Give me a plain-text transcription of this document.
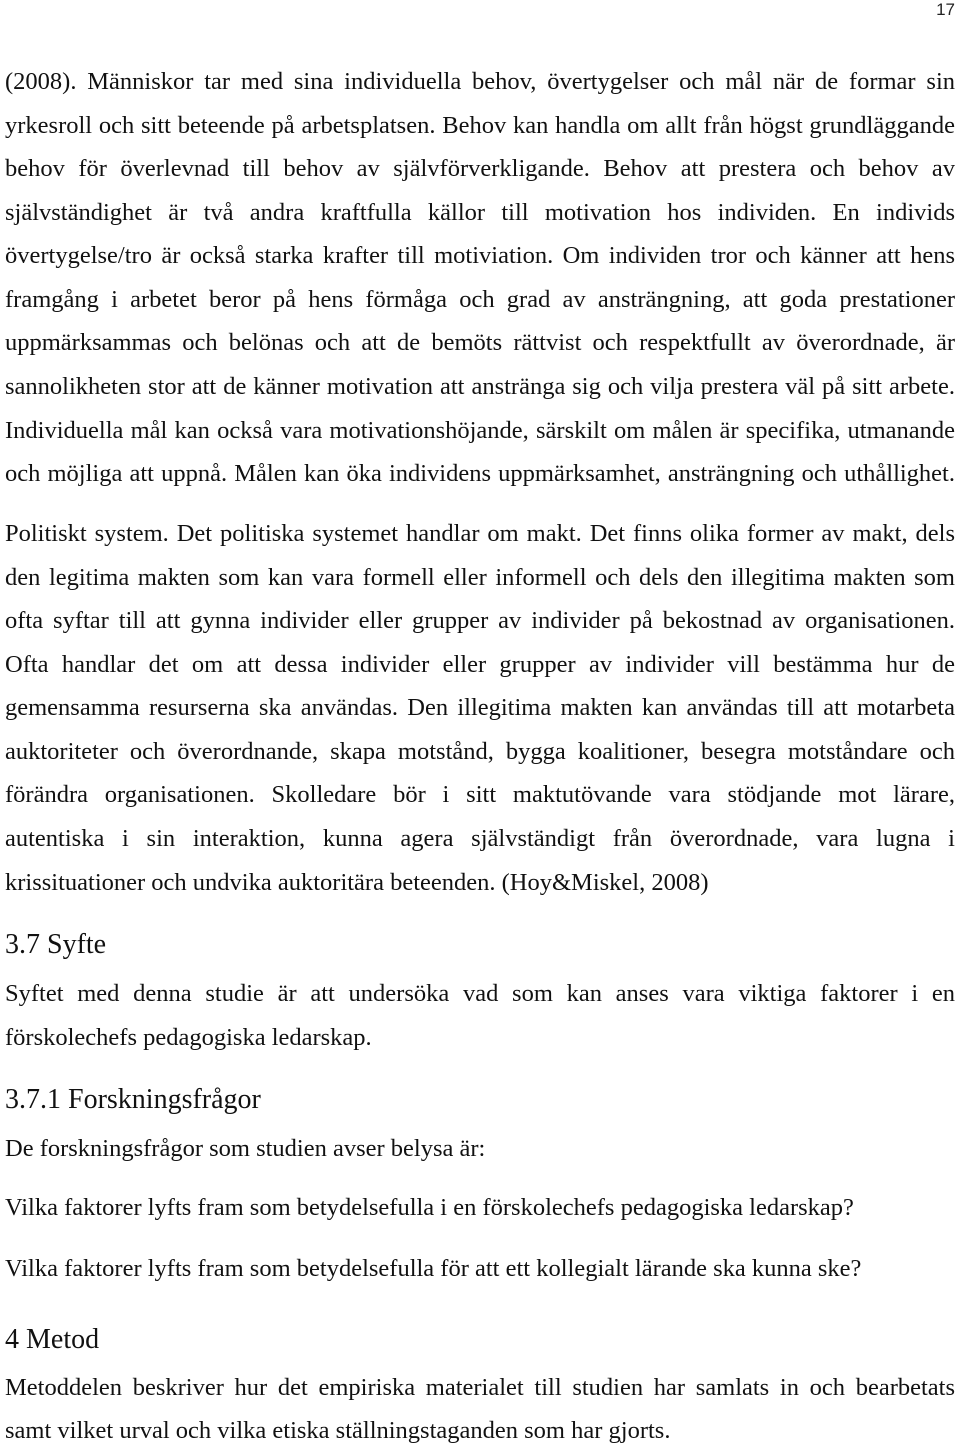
17
(2008). Människor tar med sina individuella behov, övertygelser och mål när de formar sin
yrkesroll och sitt beteende på arbetsplatsen. Behov kan handla om allt från högst grundläggande
behov för överlevnad till behov av självförverkligande. Behov att prestera och behov av
självständighet är två andra kraftfulla källor till motivation hos individen. En individs
övertygelse/tro är också starka krafter till motiviation. Om individen tror och känner att hens
framgång i arbetet beror på hens förmåga och grad av ansträngning, att goda prestationer
uppmärksammas och belönas och att de bemöts rättvist och respektfullt av överordnade, är
sannolikheten stor att de känner motivation att anstränga sig och vilja prestera väl på sitt arbete.
Individuella mål kan också vara motivationshöjande, särskilt om målen är specifika, utmanande
och möjliga att uppnå. Målen kan öka individens uppmärksamhet, ansträngning och uthållighet.
Politiskt system. Det politiska systemet handlar om makt. Det finns olika former av makt, dels
den legitima makten som kan vara formell eller informell och dels den illegitima makten som
ofta syftar till att gynna individer eller grupper av individer på bekostnad av organisationen.
Ofta handlar det om att dessa individer eller grupper av individer vill bestämma hur de
gemensamma resurserna ska användas. Den illegitima makten kan användas till att motarbeta
auktoriteter och överordnande, skapa motstånd, bygga koalitioner, besegra motståndare och
förändra organisationen. Skolledare bör i sitt maktutövande vara stödjande mot lärare,
autentiska i sin interaktion, kunna agera självständigt från överordnade, vara lugna i
krissituationer och undvika auktoritära beteenden. (Hoy&Miskel, 2008)
3.7 Syfte
Syftet med denna studie är att undersöka vad som kan anses vara viktiga faktorer i en
förskolechefs pedagogiska ledarskap.
3.7.1 Forskningsfrågor
De forskningsfrågor som studien avser belysa är:
Vilka faktorer lyfts fram som betydelsefulla i en förskolechefs pedagogiska ledarskap?
Vilka faktorer lyfts fram som betydelsefulla för att ett kollegialt lärande ska kunna ske?
4 Metod
Metoddelen beskriver hur det empiriska materialet till studien har samlats in och bearbetats
samt vilket urval och vilka etiska ställningstaganden som har gjorts.
